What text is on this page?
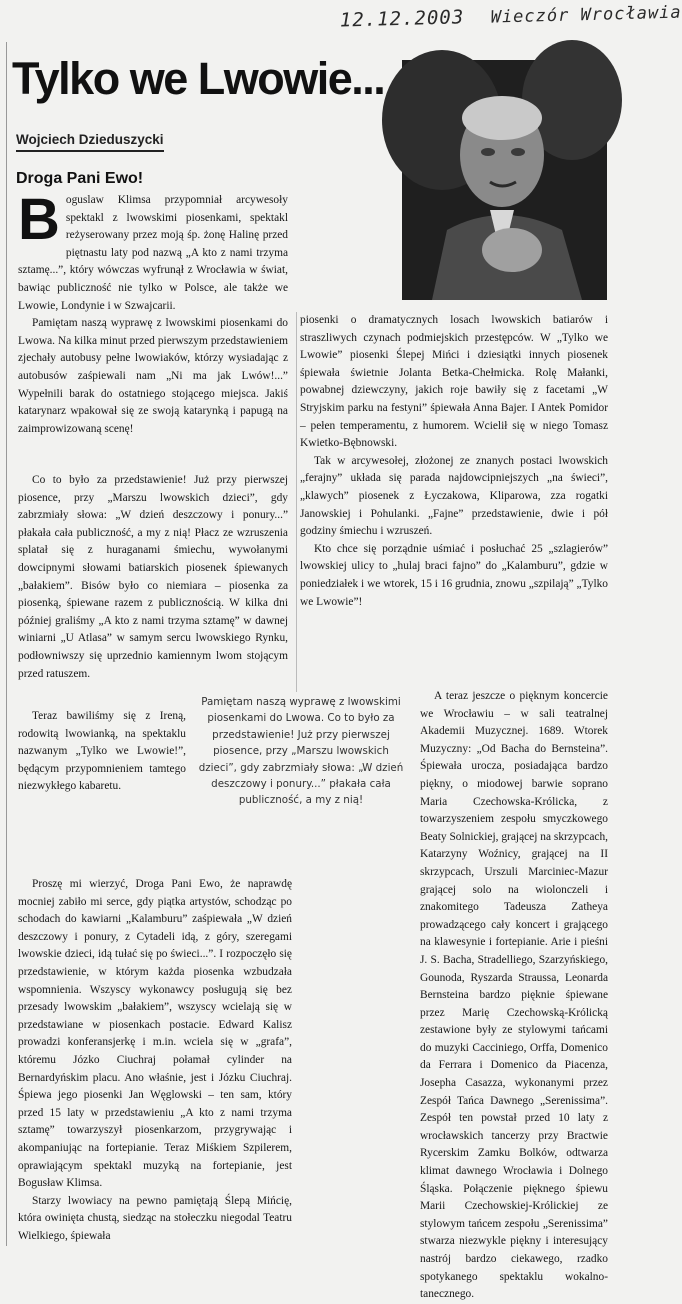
12.12.2003 Wieczór Wrocławia
Tylko we Lwowie...
Wojciech Dzieduszycki
Droga Pani Ewo!
B oguslaw Klimsa przypomniał arcywesoły spektakl z lwowskimi piosenkami, spektakl reżyserowany przez moją śp. żonę Halinę przed piętnastu laty pod nazwą „A kto z nami trzyma sztamę...”, który wówczas wyfrunął z Wrocławia w świat, bawiąc publiczność nie tylko w Polsce, ale także we Lwowie, Londynie i w Szwajcarii.

Pamiętam naszą wyprawę z lwowskimi piosenkami do Lwowa. Na kilka minut przed pierwszym przedstawieniem zjechały autobusy pełne lwowiaków, którzy wysiadając z autobusów zaśpiewali nam „Ni ma jak Lwów!...” Wypełnili barak do ostatniego stojącego miejsca. Jakiś katarynarz wpakował się ze swoją katarynką i papugą na zaimprowizowaną scenę!

Co to było za przedstawienie! Już przy pierwszej piosence, przy „Marszu lwowskich dzieci”, gdy zabrzmiały słowa: „W dzień deszczowy i ponury...” płakała cała publiczność, a my z nią! Płacz ze wzruszenia splatał się z huraganami śmiechu, wywołanymi dowcipnymi słowami batiarskich piosenek śpiewanych „bałakiem”. Bisów było co niemiara – piosenka za piosenką, śpiewane razem z publicznością. W kilka dni później graliśmy „A kto z nami trzyma sztamę” w dawnej winiarni „U Atlasa” w samym sercu lwowskiego Rynku, podłowniwszy się uprzednio kamiennym lwom stojącym przed ratuszem.

Teraz bawiliśmy się z Ireną, rodowitą lwowianką, na spektaklu nazwanym „Tylko we Lwowie!”, będącym przypomnieniem tamtego niezwykłego kabaretu.

Pamiętam naszą wyprawę z lwowskimi piosenkami do Lwowa. Co to było za przedstawienie! Już przy pierwszej piosence, przy „Marszu lwowskich dzieci”, gdy zabrzmiały słowa: „W dzień deszczowy i ponury...” płakała cała publiczność, a my z nią!

Proszę mi wierzyć, Droga Pani Ewo, że naprawdę mocniej zabiło mi serce, gdy piątka artystów, schodząc po schodach do kawiarni „Kalamburu” zaśpiewała „W dzień deszczowy i ponury, z Cytadeli idą, z góry, szeregami lwowskie dzieci, idą tułać się po świeci...”. I rozpoczęło się przedstawienie, w którym każda piosenka wzbudzała wspomnienia. Wszyscy wykonawcy posługują się bez przesady lwowskim „bałakiem”, wszyscy wcielają się w przedstawiane w piosenkach postacie. Edward Kalisz prowadzi konferansjerkę i m.in. wciela się w „grafa”, któremu Józko Ciuchraj połamał cylinder na Bernardyńskim placu. Ano właśnie, jest i Józku Ciuchraj. Śpiewa jego piosenki Jan Węglowski – ten sam, który przed 15 laty w przedstawieniu „A kto z nami trzyma sztamę” towarzyszył piosenkarzom, przygrywając i akompaniując na fortepianie. Teraz Miśkiem Szpilerem, oprawiającym spektakl muzyką na fortepianie, jest Bogusław Klimsa.

Starzy lwowiacy na pewno pamiętają Ślepą Mińcię, która owinięta chustą, siedząc na stołeczku niegodal Teatru Wielkiego, śpiewała

piosenki o dramatycznych losach lwowskich batiarów i straszliwych czynach podmiejskich przestępców. W „Tylko we Lwowie” piosenki Ślepej Mińci i dziesiątki innych piosenek śpiewała świetnie Jolanta Betka-Chełmicka. Rolę Małanki, powabnej dziewczyny, jakich roje bawiły się z facetami „W Stryjskim parku na festyni” śpiewała Anna Bajer. I Antek Pomidor – pełen temperamentu, z humorem. Wcielił się w niego Tomasz Kwietko-Bębnowski.

Tak w arcywesołej, złożonej ze znanych postaci lwowskich „ferajny” układa się parada najdowcipniejszych „na świeci”, „klawych” piosenek z Łyczakowa, Kliparowa, zza rogatki Janowskiej i Pohulanki. „Fajne” przedstawienie, dwie i pół godziny śmiechu i wzruszeń.

Kto chce się porządnie uśmiać i posłuchać 25 „szlagierów” lwowskiej ulicy to „hulaj braci fajno” do „Kalamburu”, gdzie w poniedziałek i we wtorek, 15 i 16 grudnia, znowu „szpilają” „Tylko we Lwowie”!

A teraz jeszcze o pięknym koncercie we Wrocławiu – w sali teatralnej Akademii Muzycznej. 1689. Wtorek Muzyczny: „Od Bacha do Bernsteina”. Śpiewała urocza, posiadająca bardzo piękny, o miodowej barwie soprano Maria Czechowska-Królicka, z towarzyszeniem zespołu smyczkowego Beaty Solnickiej, grającej na skrzypcach, Katarzyny Woźnicy, grającej na II skrzypcach, Urszuli Marciniec-Mazur grającej solo na wiolonczeli i znakomitego Tadeusza Zatheya prowadzącego cały koncert i grającego na klawesynie i fortepianie. Arie i pieśni J. S. Bacha, Stradelliego, Szarzyńskiego, Gounoda, Ryszarda Straussa, Leonarda Bernsteina bardzo pięknie śpiewane przez Marię Czechowską-Królicką zestawione były ze stylowymi tańcami do muzyki Cacciniego, Orffa, Domenico da Ferrara i Domenico da Piacenza, Josepha Casazza, wykonanymi przez Zespół Tańca Dawnego „Serenissima”. Zespół ten powstał przed 10 laty z wrocławskich tancerzy przy Bractwie Rycerskim Zamku Bolków, odtwarza klimat dawnego Wrocławia i Dolnego Śląska. Połączenie pięknego śpiewu Marii Czechowskiej-Królickiej ze stylowym tańcem zespołu „Serenissima” stwarza niezwykle piękny i interesujący nastrój bardzo ciekawego, rzadko spotykanego spektaklu wokalno-tanecznego.
